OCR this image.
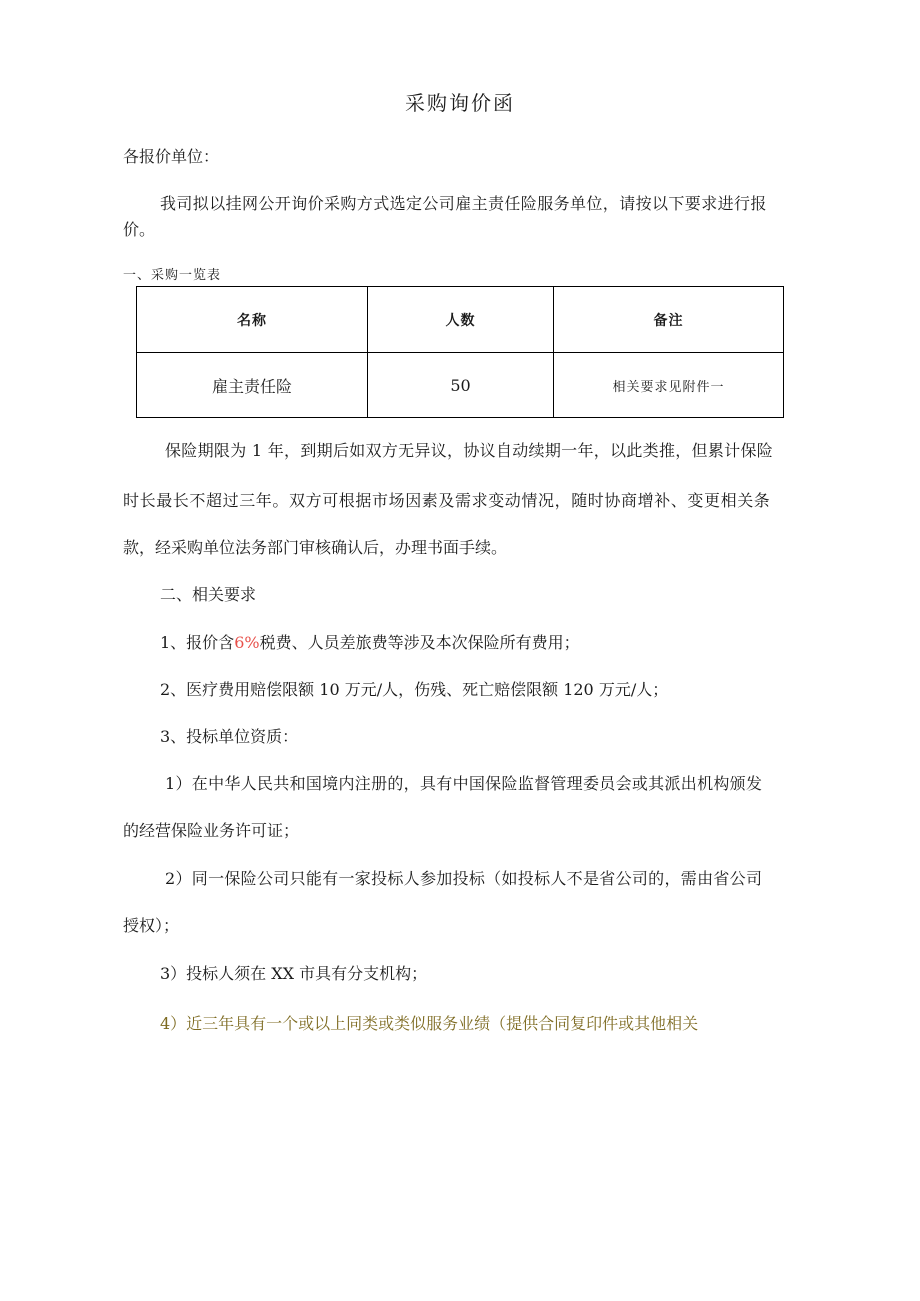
采购询价函

各报价单位：

我司拟以挂网公开询价采购方式选定公司雇主责任险服务单位，请按以下要求进行报

价。

一、采购一览表

名称	人数	备注
雇主责任险	50	相关要求见附件一

保险期限为 1 年，到期后如双方无异议，协议自动续期一年，以此类推，但累计保险

时长最长不超过三年。双方可根据市场因素及需求变动情况，随时协商增补、变更相关条

款，经采购单位法务部门审核确认后，办理书面手续。

二、相关要求

1、报价含6%税费、人员差旅费等涉及本次保险所有费用；

2、医疗费用赔偿限额 10 万元/人，伤残、死亡赔偿限额 120 万元/人；

3、投标单位资质：

1）在中华人民共和国境内注册的，具有中国保险监督管理委员会或其派出机构颁发

的经营保险业务许可证；

2）同一保险公司只能有一家投标人参加投标（如投标人不是省公司的，需由省公司

授权）；

3）投标人须在 XX 市具有分支机构；

4）近三年具有一个或以上同类或类似服务业绩（提供合同复印件或其他相关
